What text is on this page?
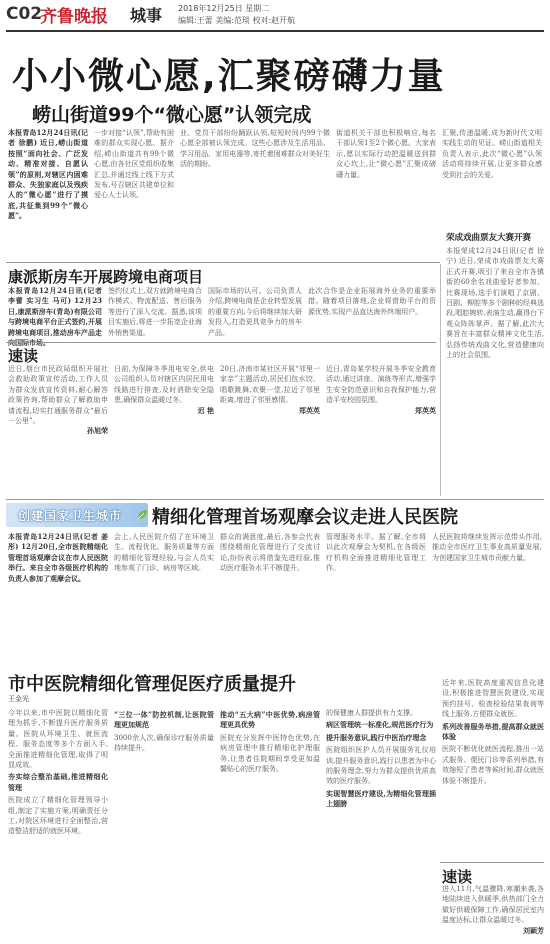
C02
齐鲁晚报 城事 2018年12月25日 星期二
编辑:王蕾 美编:范琰 校对:赵开航
小小微心愿,汇聚磅礴力量
崂山街道99个“微心愿”认领完成
本报青岛12月24日讯(记者 徐鹏) 近日,崂山街道按照“面向社会、广泛发动、精准对接、自愿认领”的原则,对辖区内困难群众、失独家庭以及残疾人的“微心愿”进行了摸底,共征集到99个“微心愿”。
一步对接“认领”,帮助有困难的群众实现心愿。据介绍,崂山街道共有99个微心愿,由各社区党组织收集汇总,并通过线上线下方式发布,号召辖区共建单位和爱心人士认领。
业、党员干部纷纷踊跃认领,短短时间内99个微心愿全部被认领完成。这些心愿涉及生活用品、学习用品、家用电器等,寄托着困难群众对美好生活的期盼。
街道机关干部也积极响应,每名干部认领1至2个微心愿。大家表示,愿以实际行动把温暖送到群众心坎上,让“微心愿”汇聚成磅礴力量。
汇聚,传递温暖,成为新时代文明实践生动的见证。崂山街道相关负责人表示,此次“微心愿”认领活动将持续开展,让更多群众感受到社会的关爱。
康派斯房车开展跨境电商项目
本报青岛12月24日讯(记者 李蕾 实习生 马可) 12月23日,康派斯房车(青岛)有限公司与跨境电商平台正式签约,开展跨境电商项目,推动房车产品走
签约仪式上,双方就跨境电商合作模式、物流配送、售后服务等进行了深入交流。据悉,该项目实施后,将进一步拓宽企业海外销售渠道。
国际市场的认可。公司负责人介绍,跨境电商是企业转型发展的重要方向,今后将继续加大研发投入,打造更具竞争力的房车产品。
此次合作是企业拓展海外业务的重要举措。随着项目落地,企业将借助平台的资源优势,实现产品直达海外终端用户。
荣成戏曲票友大赛开赛
本报荣成12月24日讯(记者 徐宁) 近日,荣成市戏曲票友大赛正式开赛,吸引了来自全市各镇街的60余名戏曲爱好者参加。比赛现场,选手们演唱了京剧、吕剧、柳腔等多个剧种的经典选段,唱腔婉转,表演生动,赢得台下观众阵阵掌声。据了解,此次大赛旨在丰富群众精神文化生活,弘扬传统戏曲文化,营造健康向上的社会氛围。
速读
近日,烟台市民政局组织开展社会救助政策宣传活动,工作人员为群众发放宣传资料,耐心解答政策咨询,帮助群众了解救助申请流程,切实打通服务群众“最后一公里”。
孙旭荣
日前,为保障冬季用电安全,供电公司组织人员对辖区内居民用电线路进行排查,及时消除安全隐患,确保群众温暖过冬。
迟 艳
20日,济南市某社区开展“邻里一家亲”主题活动,居民们包水饺、唱歌跳舞,欢聚一堂,拉近了邻里距离,增进了邻里感情。
郑英英
近日,青岛某学校开展冬季安全教育活动,通过讲座、演练等形式,增强学生安全防范意识和自我保护能力,营造平安校园氛围。
郑英英
创建国家卫生城市 精细化管理首场观摩会议走进人民医院
本报青岛12月24日讯(记者 姜彤) 12月20日,全市医院精细化管理首场观摩会议在市人民医院举行。来自全市各级医疗机构的负责人参加了观摩会议。
会上,人民医院介绍了在环境卫生、流程优化、服务质量等方面的精细化管理经验,与会人员实地参观了门诊、病房等区域。
群众的满意度,最后,各参会代表围绕精细化管理进行了交流讨论,纷纷表示将借鉴先进经验,推动医疗服务水平不断提升。
管理服务水平。据了解,全市将以此次观摩会为契机,在各级医疗机构全面推进精细化管理工作。
人民医院将继续发挥示范带头作用,推动全市医疗卫生事业高质量发展,为创建国家卫生城市贡献力量。
市中医院精细化管理促医疗质量提升
王金光
今年以来,市中医院以精细化管理为抓手,不断提升医疗服务质量。医院从环境卫生、就医流程、服务态度等多个方面入手,全面推进精细化管理,取得了明显成效。
夯实综合整治基础,推进精细化管理
医院成立了精细化管理领导小组,制定了实施方案,明确责任分工,对院区环境进行全面整治,营造整洁舒适的就医环境。
“三位一体”防控机制,让医院管理更加规范
3000余人次,确保诊疗服务质量持续提升。
推动“五大病”中医优势,病房管理更具优势
医院充分发挥中医特色优势,在病房管理中推行精细化护理服务,让患者住院期间享受更加温馨贴心的医疗服务。
的保健康人群提供有力支撑。
病区管理统一标准化,规范医疗行为
提升服务意识,践行中医治疗理念
医院组织医护人员开展服务礼仪培训,提升服务意识,践行以患者为中心的服务理念,努力为群众提供优质高效的医疗服务。
实现智慧医疗建设,为精细化管理插上翅膀
近年来,医院高度重视信息化建设,积极推进智慧医院建设,实现预约挂号、检查检验结果查询等线上服务,方便群众就医。
系列改善服务举措,提高群众就医体验
医院不断优化就医流程,推出一站式服务、便民门诊等系列举措,有效缩短了患者等候时间,群众就医体验不断提升。
速读
进入11月,气温骤降,寒潮来袭,各地陆续进入供暖季,供热部门全力做好供暖保障工作,确保居民室内温度达标,让群众温暖过冬。
刘颖芳
